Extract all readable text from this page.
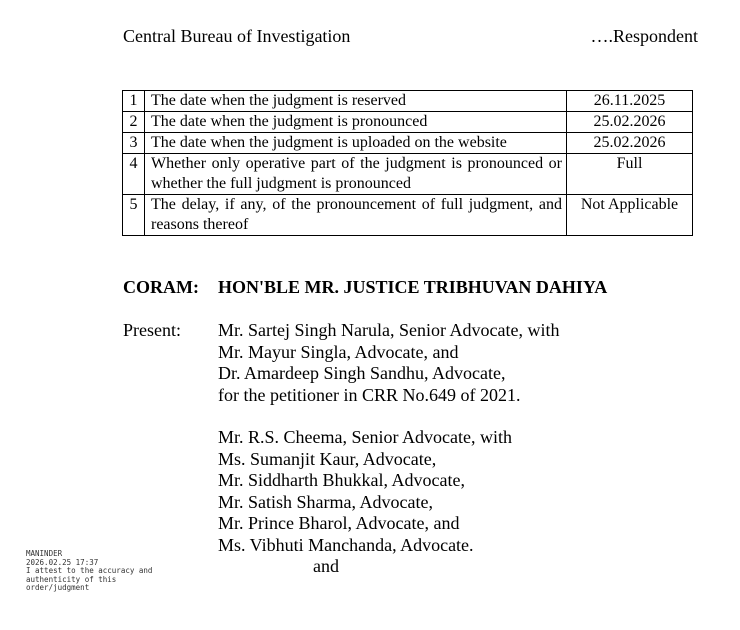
Central Bureau of Investigation	….Respondent
1	The date when the judgment is reserved	26.11.2025
2	The date when the judgment is pronounced	25.02.2026
3	The date when the judgment is uploaded on the website	25.02.2026
4	Whether only operative part of the judgment is pronounced or whether the full judgment is pronounced	Full
5	The delay, if any, of the pronouncement of full judgment, and reasons thereof	Not Applicable
CORAM: HON'BLE MR. JUSTICE TRIBHUVAN DAHIYA
Present: Mr. Sartej Singh Narula, Senior Advocate, with
Mr. Mayur Singla, Advocate, and
Dr. Amardeep Singh Sandhu, Advocate,
for the petitioner in CRR No.649 of 2021.
Mr. R.S. Cheema, Senior Advocate, with
Ms. Sumanjit Kaur, Advocate,
Mr. Siddharth Bhukkal, Advocate,
Mr. Satish Sharma, Advocate,
Mr. Prince Bharol, Advocate, and
Ms. Vibhuti Manchanda, Advocate.
and
MANINDER
2026.02.25 17:37
I attest to the accuracy and
authenticity of this
order/judgment
